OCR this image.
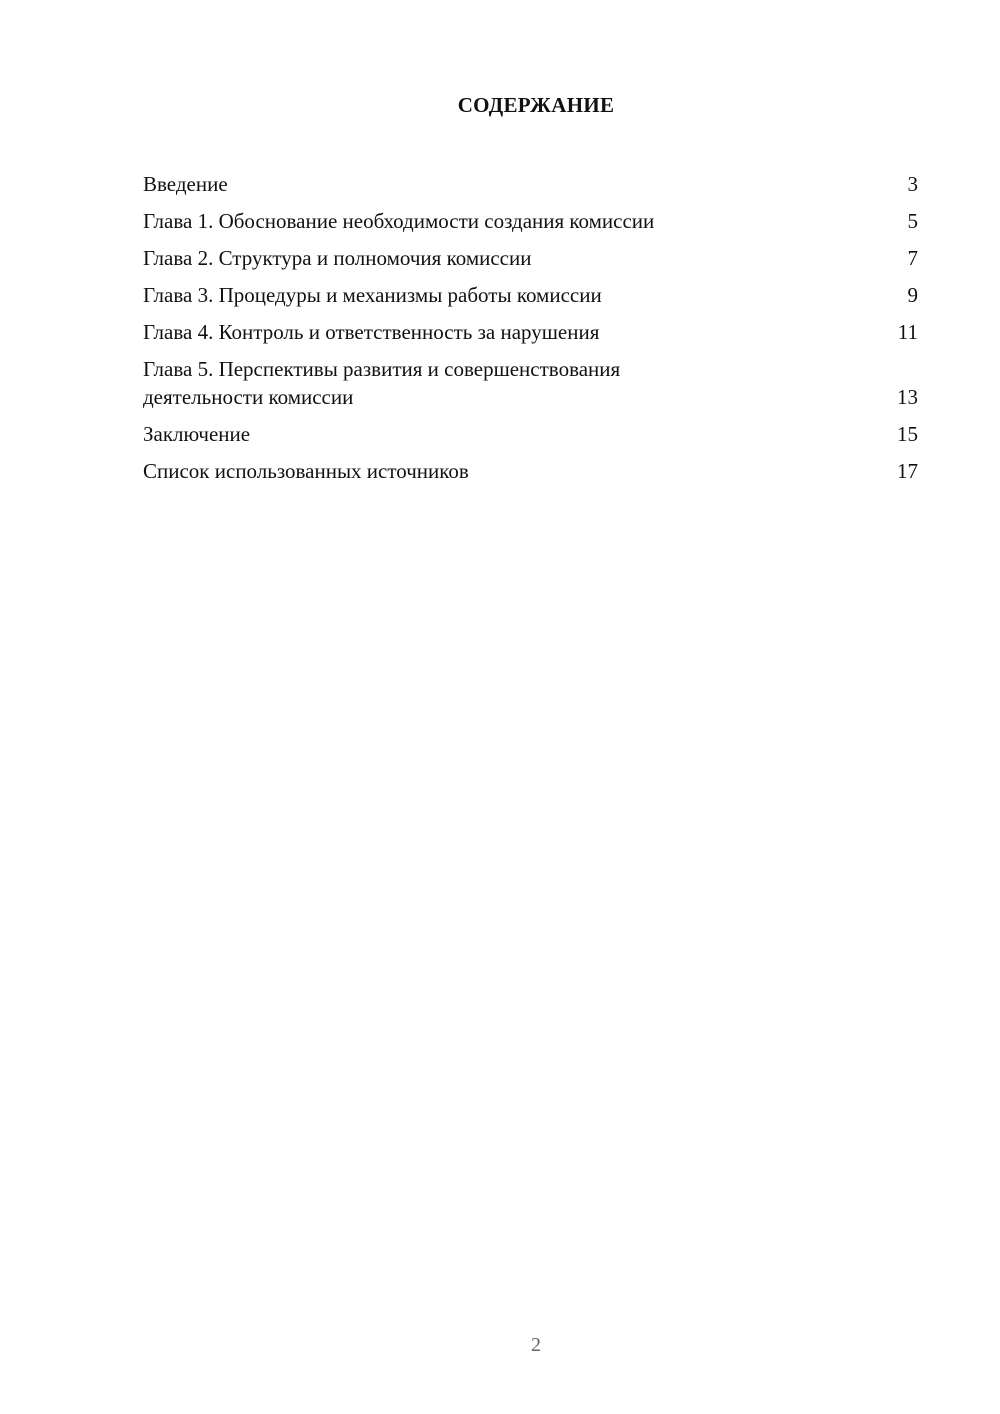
СОДЕРЖАНИЕ
Введение	3
Глава 1. Обоснование необходимости создания комиссии	5
Глава 2. Структура и полномочия комиссии	7
Глава 3. Процедуры и механизмы работы комиссии	9
Глава 4. Контроль и ответственность за нарушения	11
Глава 5. Перспективы развития и совершенствования деятельности комиссии	13
Заключение	15
Список использованных источников	17
2
